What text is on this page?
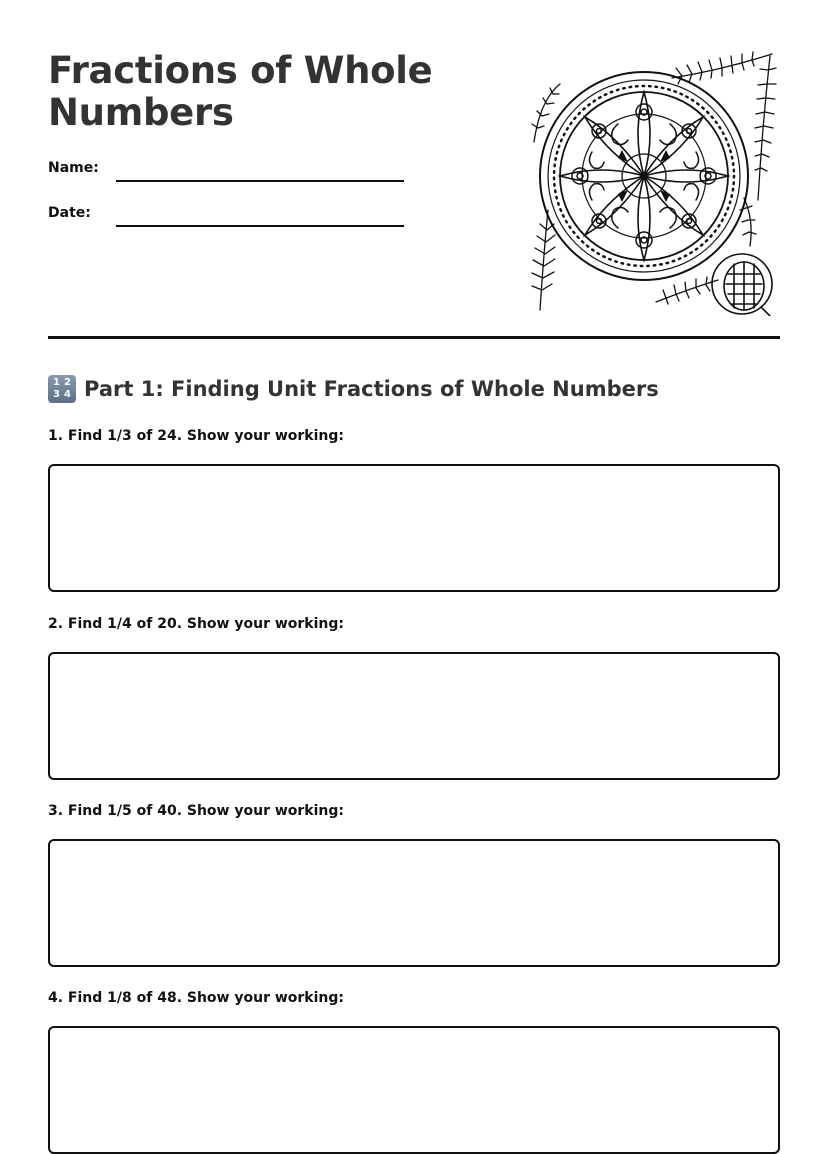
Fractions of Whole Numbers
Name:
Date:
1 2
3 4 Part 1: Finding Unit Fractions of Whole Numbers
1. Find 1/3 of 24. Show your working:
2. Find 1/4 of 20. Show your working:
3. Find 1/5 of 40. Show your working:
4. Find 1/8 of 48. Show your working:
